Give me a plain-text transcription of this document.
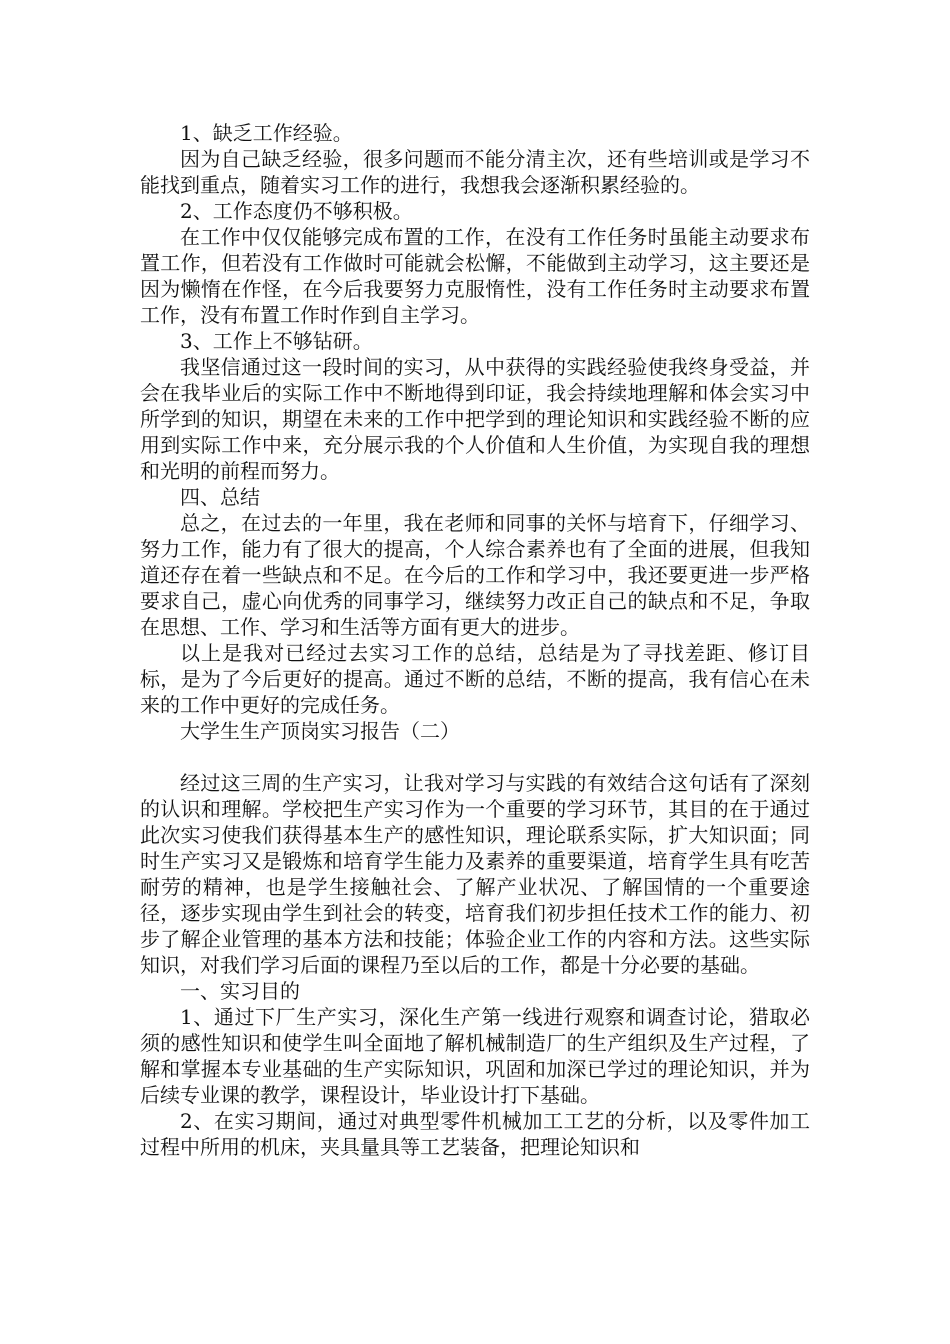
1、缺乏工作经验。

因为自己缺乏经验，很多问题而不能分清主次，还有些培训或是学习不能找到重点，随着实习工作的进行，我想我会逐渐积累经验的。

2、工作态度仍不够积极。

在工作中仅仅能够完成布置的工作，在没有工作任务时虽能主动要求布置工作，但若没有工作做时可能就会松懈，不能做到主动学习，这主要还是因为懒惰在作怪，在今后我要努力克服惰性，没有工作任务时主动要求布置工作，没有布置工作时作到自主学习。

3、工作上不够钻研。

我坚信通过这一段时间的实习，从中获得的实践经验使我终身受益，并会在我毕业后的实际工作中不断地得到印证，我会持续地理解和体会实习中所学到的知识，期望在未来的工作中把学到的理论知识和实践经验不断的应用到实际工作中来，充分展示我的个人价值和人生价值，为实现自我的理想和光明的前程而努力。

四、总结

总之，在过去的一年里，我在老师和同事的关怀与培育下，仔细学习、努力工作，能力有了很大的提高，个人综合素养也有了全面的进展，但我知道还存在着一些缺点和不足。在今后的工作和学习中，我还要更进一步严格要求自己，虚心向优秀的同事学习，继续努力改正自己的缺点和不足，争取在思想、工作、学习和生活等方面有更大的进步。

以上是我对已经过去实习工作的总结，总结是为了寻找差距、修订目标，是为了今后更好的提高。通过不断的总结，不断的提高，我有信心在未来的工作中更好的完成任务。

大学生生产顶岗实习报告（二）

经过这三周的生产实习，让我对学习与实践的有效结合这句话有了深刻的认识和理解。学校把生产实习作为一个重要的学习环节，其目的在于通过此次实习使我们获得基本生产的感性知识，理论联系实际，扩大知识面；同时生产实习又是锻炼和培育学生能力及素养的重要渠道，培育学生具有吃苦耐劳的精神，也是学生接触社会、了解产业状况、了解国情的一个重要途径，逐步实现由学生到社会的转变，培育我们初步担任技术工作的能力、初步了解企业管理的基本方法和技能；体验企业工作的内容和方法。这些实际知识，对我们学习后面的课程乃至以后的工作，都是十分必要的基础。

一、实习目的

1、通过下厂生产实习，深化生产第一线进行观察和调查讨论，猎取必须的感性知识和使学生叫全面地了解机械制造厂的生产组织及生产过程，了解和掌握本专业基础的生产实际知识，巩固和加深已学过的理论知识，并为后续专业课的教学，课程设计，毕业设计打下基础。

2、在实习期间，通过对典型零件机械加工工艺的分析，以及零件加工过程中所用的机床，夹具量具等工艺装备，把理论知识和
